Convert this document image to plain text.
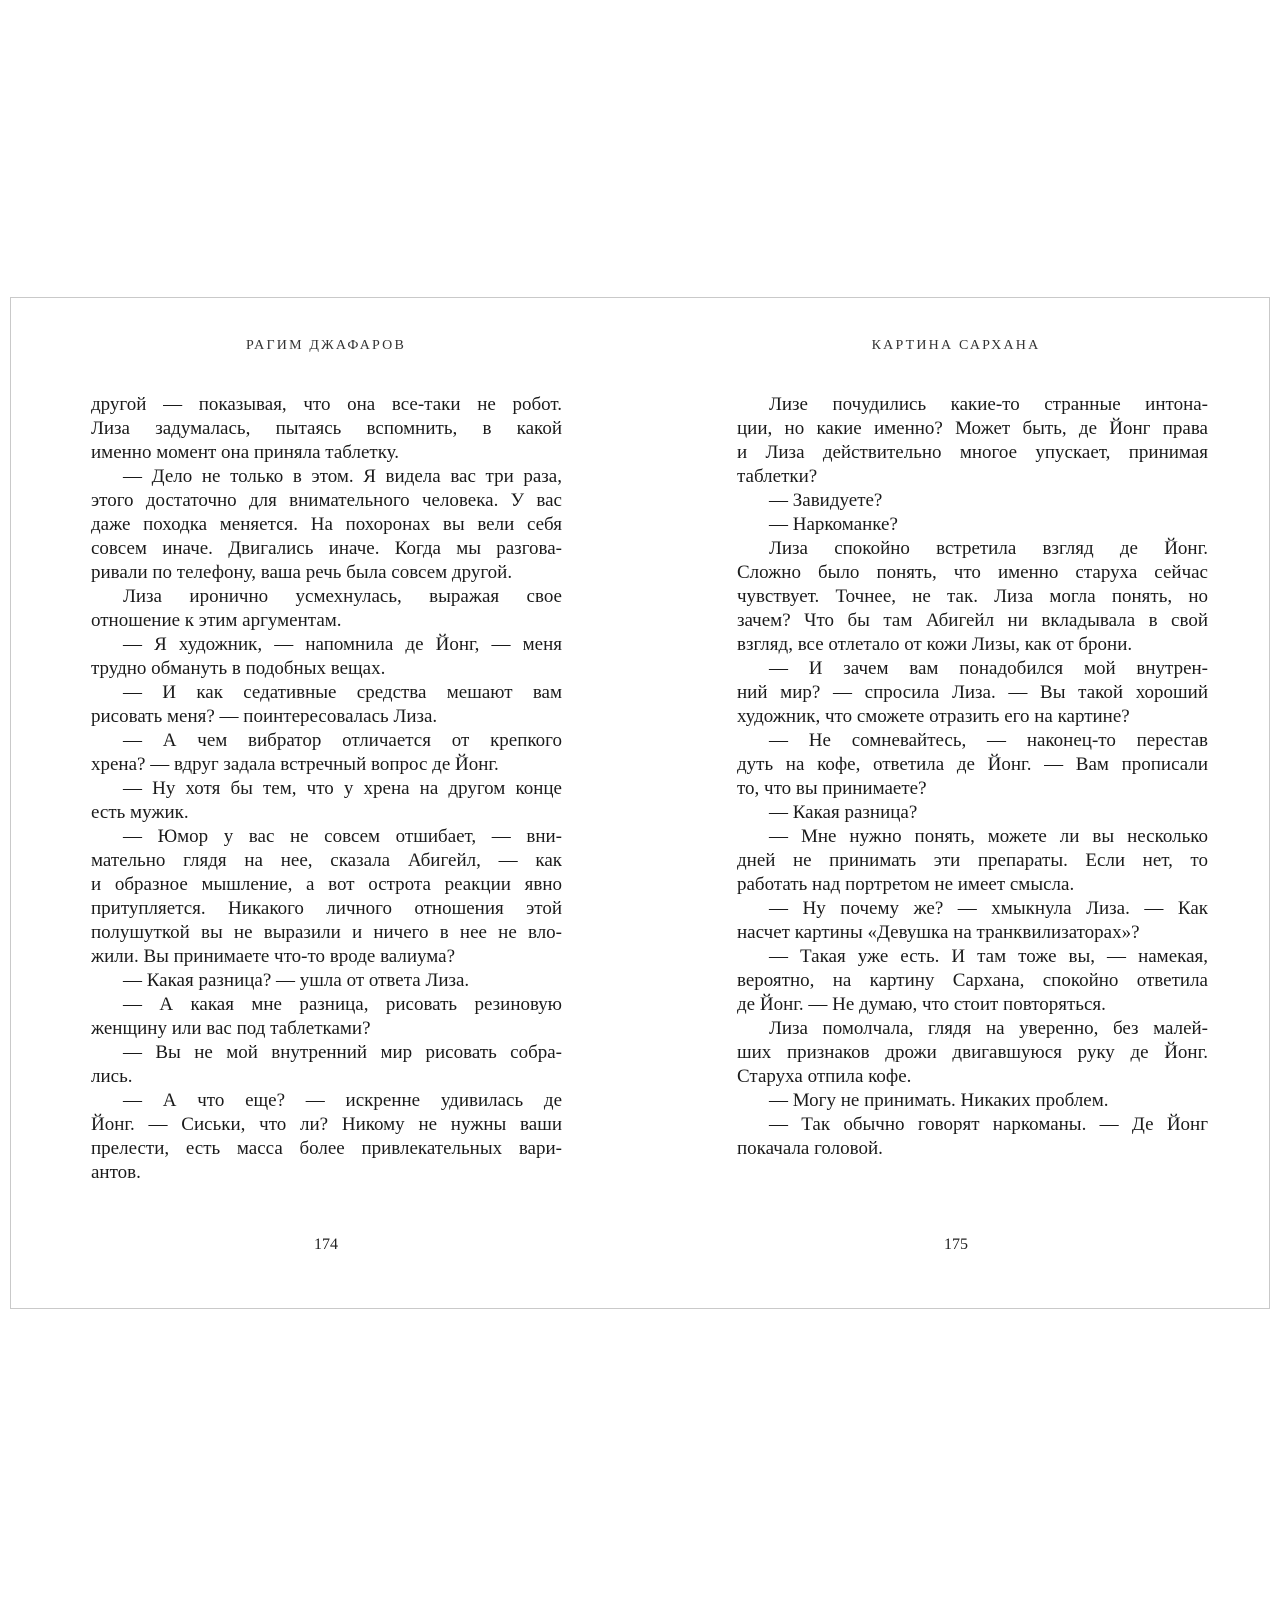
РАГИМ ДЖАФАРОВ
другой — показывая, что она все-таки не робот.
Лиза задумалась, пытаясь вспомнить, в какой
именно момент она приняла таблетку.
— Дело не только в этом. Я видела вас три раза,
этого достаточно для внимательного человека. У вас
даже походка меняется. На похоронах вы вели себя
совсем иначе. Двигались иначе. Когда мы разгова-
ривали по телефону, ваша речь была совсем другой.
Лиза иронично усмехнулась, выражая свое
отношение к этим аргументам.
— Я художник, — напомнила де Йонг, — меня
трудно обмануть в подобных вещах.
— И как седативные средства мешают вам
рисовать меня? — поинтересовалась Лиза.
— А чем вибратор отличается от крепкого
хрена? — вдруг задала встречный вопрос де Йонг.
— Ну хотя бы тем, что у хрена на другом конце
есть мужик.
— Юмор у вас не совсем отшибает, — вни-
мательно глядя на нее, сказала Абигейл, — как
и образное мышление, а вот острота реакции явно
притупляется. Никакого личного отношения этой
полушуткой вы не выразили и ничего в нее не вло-
жили. Вы принимаете что-то вроде валиума?
— Какая разница? — ушла от ответа Лиза.
— А какая мне разница, рисовать резиновую
женщину или вас под таблетками?
— Вы не мой внутренний мир рисовать собра-
лись.
— А что еще? — искренне удивилась де
Йонг. — Сиськи, что ли? Никому не нужны ваши
прелести, есть масса более привлекательных вари-
антов.
174
КАРТИНА САРХАНА
Лизе почудились какие-то странные интона-
ции, но какие именно? Может быть, де Йонг права
и Лиза действительно многое упускает, принимая
таблетки?
— Завидуете?
— Наркоманке?
Лиза спокойно встретила взгляд де Йонг.
Сложно было понять, что именно старуха сейчас
чувствует. Точнее, не так. Лиза могла понять, но
зачем? Что бы там Абигейл ни вкладывала в свой
взгляд, все отлетало от кожи Лизы, как от брони.
— И зачем вам понадобился мой внутрен-
ний мир? — спросила Лиза. — Вы такой хороший
художник, что сможете отразить его на картине?
— Не сомневайтесь, — наконец-то перестав
дуть на кофе, ответила де Йонг. — Вам прописали
то, что вы принимаете?
— Какая разница?
— Мне нужно понять, можете ли вы несколько
дней не принимать эти препараты. Если нет, то
работать над портретом не имеет смысла.
— Ну почему же? — хмыкнула Лиза. — Как
насчет картины «Девушка на транквилизаторах»?
— Такая уже есть. И там тоже вы, — намекая,
вероятно, на картину Сархана, спокойно ответила
де Йонг. — Не думаю, что стоит повторяться.
Лиза помолчала, глядя на уверенно, без малей-
ших признаков дрожи двигавшуюся руку де Йонг.
Старуха отпила кофе.
— Могу не принимать. Никаких проблем.
— Так обычно говорят наркоманы. — Де Йонг
покачала головой.
175
